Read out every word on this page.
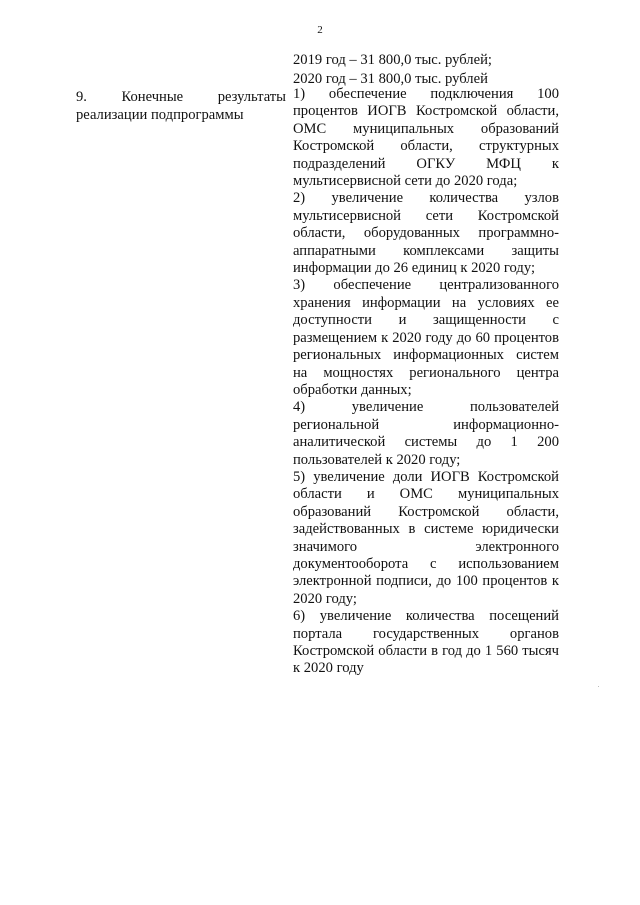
2
2019 год – 31 800,0 тыс. рублей;
2020 год – 31 800,0 тыс. рублей
9. Конечные результаты
реализации подпрограммы
1) обеспечение подключения 100 процентов ИОГВ Костромской области, ОМС муниципальных образований Костромской области, структурных подразделений ОГКУ МФЦ к мультисервисной сети до 2020 года;
2) увеличение количества узлов мультисервисной сети Костромской области, оборудованных программно-аппаратными комплексами защиты информации до 26 единиц к 2020 году;
3) обеспечение централизованного хранения информации на условиях ее доступности и защищенности с размещением к 2020 году до 60 процентов региональных информационных систем на мощностях регионального центра обработки данных;
4) увеличение пользователей региональной информационно-аналитической системы до 1 200 пользователей к 2020 году;
5) увеличение доли ИОГВ Костромской области и ОМС муниципальных образований Костромской области, задействованных в системе юридически значимого электронного документооборота с использованием электронной подписи, до 100 процентов к 2020 году;
6) увеличение количества посещений портала государственных органов Костромской области в год до 1 560 тысяч к 2020 году
